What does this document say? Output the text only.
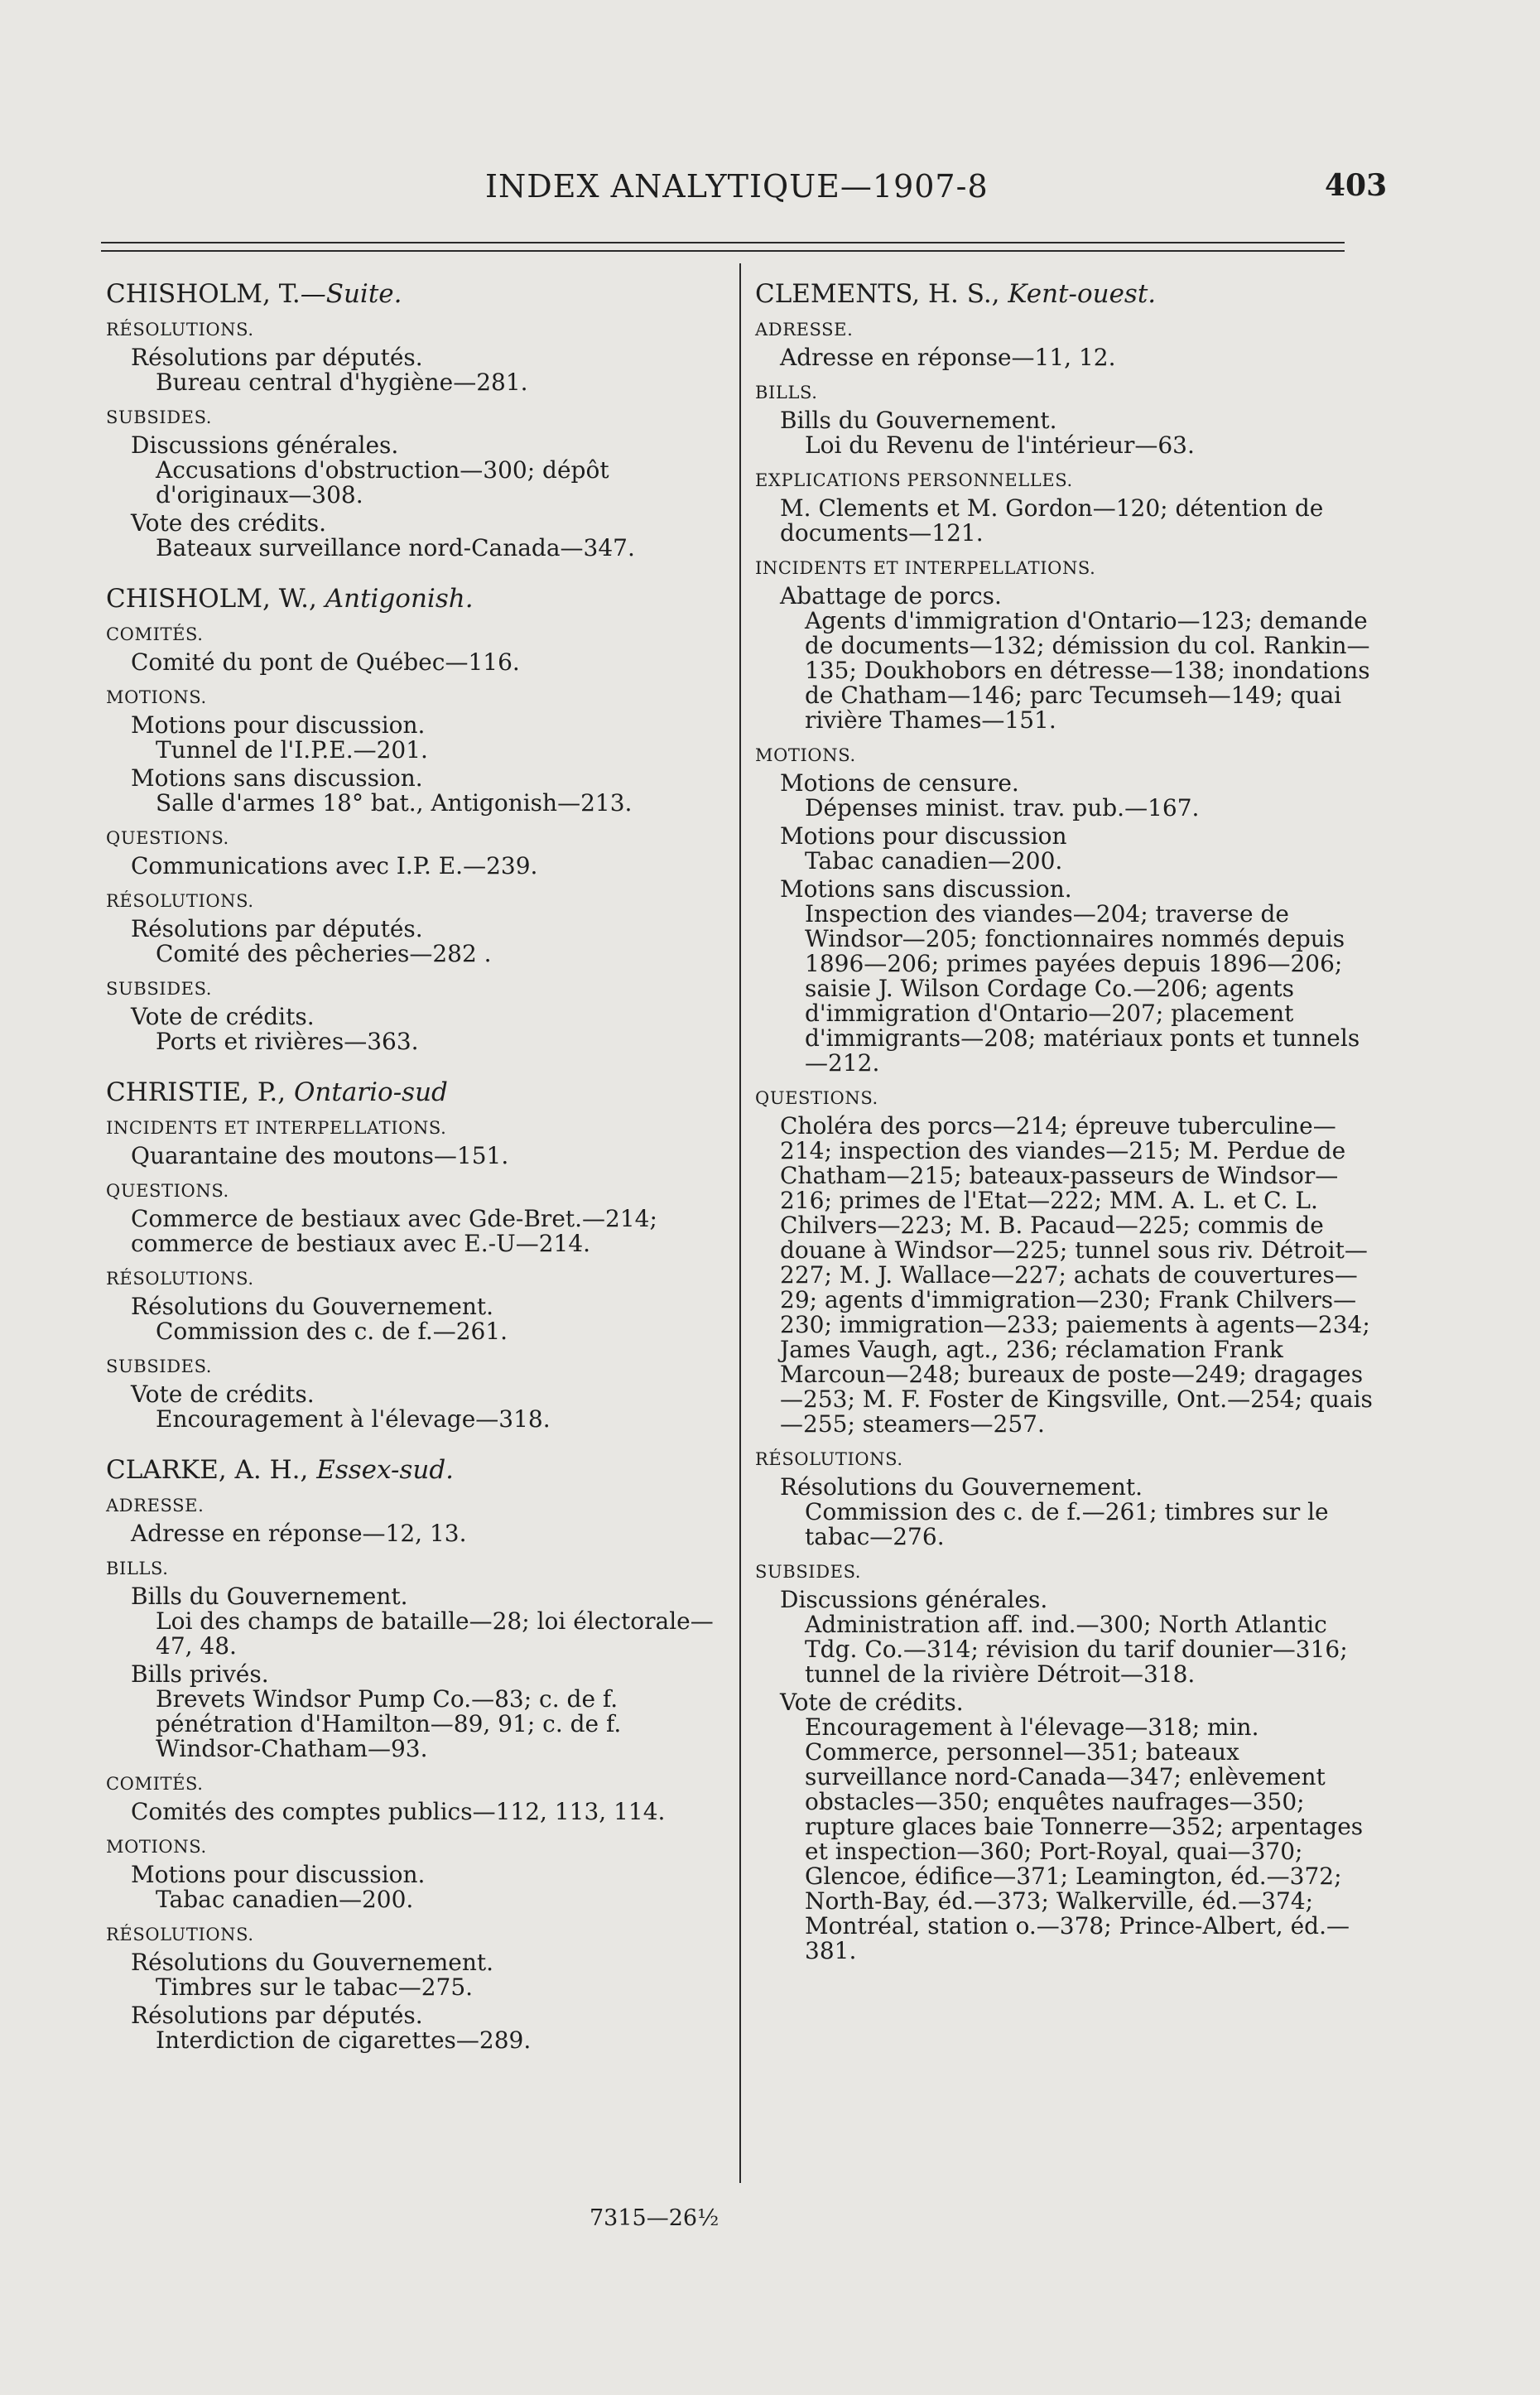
INDEX ANALYTIQUE—1907-8	403
CHISHOLM, T.—Suite.
RÉSOLUTIONS.
Résolutions par députés.
Bureau central d'hygiène—281.
SUBSIDES.
Discussions générales.
Accusations d'obstruction—300; dépôt d'originaux—308.
Vote des crédits.
Bateaux surveillance nord-Canada—347.
CHISHOLM, W., Antigonish.
COMITÉS.
Comité du pont de Québec—116.
MOTIONS.
Motions pour discussion.
Tunnel de l'I.P.E.—201.
Motions sans discussion.
Salle d'armes 18° bat., Antigonish—213.
QUESTIONS.
Communications avec I.P. E.—239.
RÉSOLUTIONS.
Résolutions par députés.
Comité des pêcheries—282 .
SUBSIDES.
Vote de crédits.
Ports et rivières—363.
CHRISTIE, P., Ontario-sud
INCIDENTS ET INTERPELLATIONS.
Quarantaine des moutons—151.
QUESTIONS.
Commerce de bestiaux avec Gde-Bret.—214; commerce de bestiaux avec E.-U—214.
RÉSOLUTIONS.
Résolutions du Gouvernement.
Commission des c. de f.—261.
SUBSIDES.
Vote de crédits.
Encouragement à l'élevage—318.
CLARKE, A. H., Essex-sud.
ADRESSE.
Adresse en réponse—12, 13.
BILLS.
Bills du Gouvernement.
Loi des champs de bataille—28; loi électorale—47, 48.
Bills privés.
Brevets Windsor Pump Co.—83; c. de f. pénétration d'Hamilton—89, 91; c. de f. Windsor-Chatham—93.
COMITÉS.
Comités des comptes publics—112, 113, 114.
MOTIONS.
Motions pour discussion.
Tabac canadien—200.
RÉSOLUTIONS.
Résolutions du Gouvernement.
Timbres sur le tabac—275.
Résolutions par députés.
Interdiction de cigarettes—289.
CLEMENTS, H. S., Kent-ouest.
ADRESSE.
Adresse en réponse—11, 12.
BILLS.
Bills du Gouvernement.
Loi du Revenu de l'intérieur—63.
EXPLICATIONS PERSONNELLES.
M. Clements et M. Gordon—120; détention de documents—121.
INCIDENTS ET INTERPELLATIONS.
Abattage de porcs.
Agents d'immigration d'Ontario—123; demande de documents—132; démission du col. Rankin—135; Doukhobors en détresse—138; inondations de Chatham—146; parc Tecumseh—149; quai rivière Thames—151.
MOTIONS.
Motions de censure.
Dépenses minist. trav. pub.—167.
Motions pour discussion
Tabac canadien—200.
Motions sans discussion.
Inspection des viandes—204; traverse de Windsor—205; fonctionnaires nommés depuis 1896—206; primes payées depuis 1896—206; saisie J. Wilson Cordage Co.—206; agents d'immigration d'Ontario—207; placement d'immigrants—208; matériaux ponts et tunnels—212.
QUESTIONS.
Choléra des porcs—214; épreuve tuberculine—214; inspection des viandes—215; M. Perdue de Chatham—215; bateaux-passeurs de Windsor—216; primes de l'Etat—222; MM. A. L. et C. L. Chilvers—223; M. B. Pacaud—225; commis de douane à Windsor—225; tunnel sous riv. Détroit—227; M. J. Wallace—227; achats de couvertures—29; agents d'immigration—230; Frank Chilvers—230; immigration—233; paiements à agents—234; James Vaugh, agt., 236; réclamation Frank Marcoun—248; bureaux de poste—249; dragages—253; M. F. Foster de Kingsville, Ont.—254; quais—255; steamers—257.
RÉSOLUTIONS.
Résolutions du Gouvernement.
Commission des c. de f.—261; timbres sur le tabac—276.
SUBSIDES.
Discussions générales.
Administration aff. ind.—300; North Atlantic Tdg. Co.—314; révision du tarif dounier—316; tunnel de la rivière Détroit—318.
Vote de crédits.
Encouragement à l'élevage—318; min. Commerce, personnel—351; bateaux surveillance nord-Canada—347; enlèvement obstacles—350; enquêtes naufrages—350; rupture glaces baie Tonnerre—352; arpentages et inspection—360; Port-Royal, quai—370; Glencoe, édifice—371; Leamington, éd.—372; North-Bay, éd.—373; Walkerville, éd.—374; Montréal, station o.—378; Prince-Albert, éd.—381.
7315—26½
